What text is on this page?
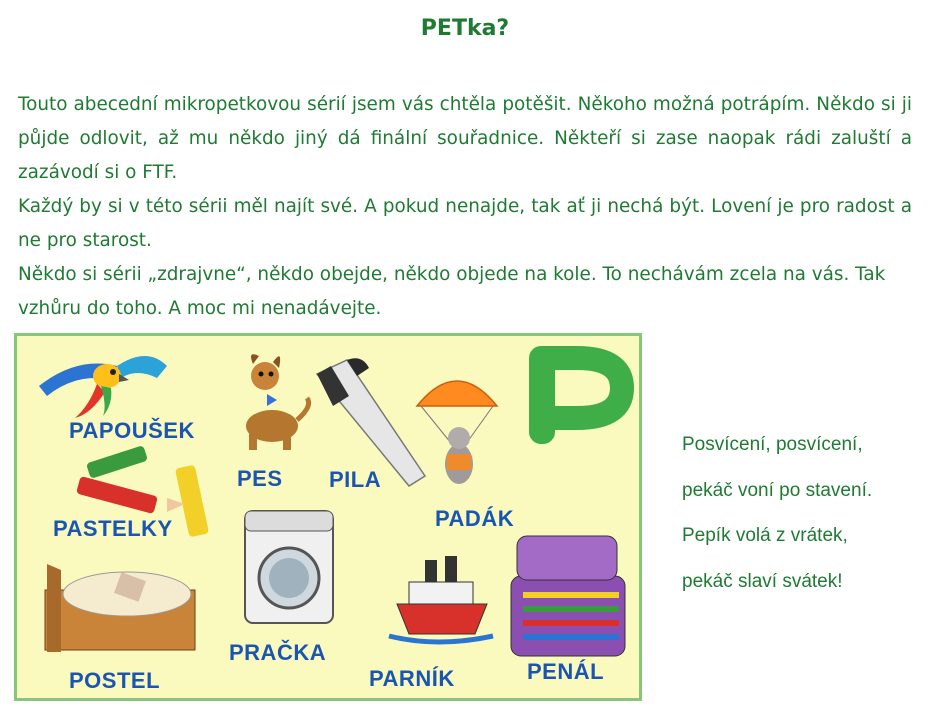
PETka?

Touto abecední mikropetkovou sérií jsem vás chtěla potěšit. Někoho možná potrápím. Někdo si ji půjde odlovit, až mu někdo jiný dá finální souřadnice. Někteří si zase naopak rádi zaluští a zazávodí si o FTF.

Každý by si v této sérii měl najít své. A pokud nenajde, tak ať ji nechá být. Lovení je pro radost a ne pro starost.

Někdo si sérii „zdrajvne“, někdo obejde, někdo objede na kole. To nechávám zcela na vás. Tak vzhůru do toho. A moc mi nenadávejte.

P
PAPOUŠEK
PES PILA
PADÁK
PASTELKY
PRAČKA
PENÁL
PARNÍK
POSTEL
Posvícení, posvícení,
pekáč voní po stavení.
Pepík volá z vrátek,
pekáč slaví svátek!
